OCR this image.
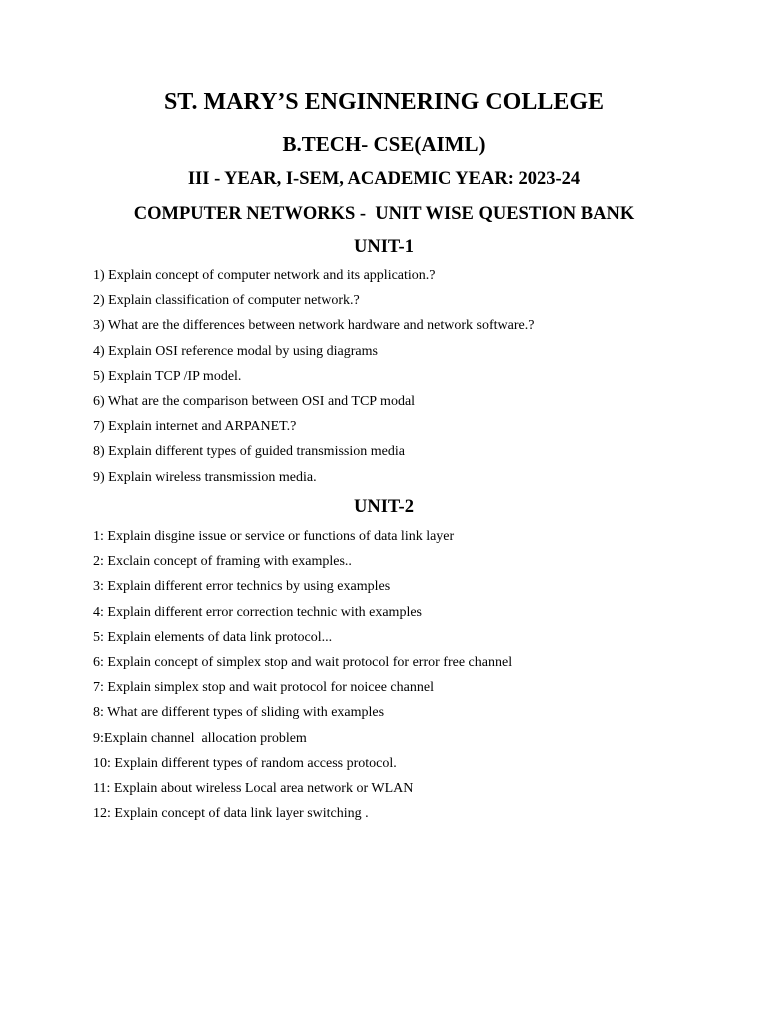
ST. MARY’S ENGINNERING COLLEGE
B.TECH- CSE(AIML)
III - YEAR, I-SEM, ACADEMIC YEAR: 2023-24
COMPUTER NETWORKS -  UNIT WISE QUESTION BANK
UNIT-1
1) Explain concept of computer network and its application.?
2) Explain classification of computer network.?
3) What are the differences between network hardware and network software.?
4) Explain OSI reference modal by using diagrams
5) Explain TCP /IP model.
6) What are the comparison between OSI and TCP modal
7) Explain internet and ARPANET.?
8) Explain different types of guided transmission media
9) Explain wireless transmission media.
UNIT-2
1: Explain disgine issue or service or functions of data link layer
2: Exclain concept of framing with examples..
3: Explain different error technics by using examples
4: Explain different error correction technic with examples
5: Explain elements of data link protocol...
6: Explain concept of simplex stop and wait protocol for error free channel
7: Explain simplex stop and wait protocol for noicee channel
8: What are different types of sliding with examples
9:Explain channel  allocation problem
10: Explain different types of random access protocol.
11: Explain about wireless Local area network or WLAN
12: Explain concept of data link layer switching .
